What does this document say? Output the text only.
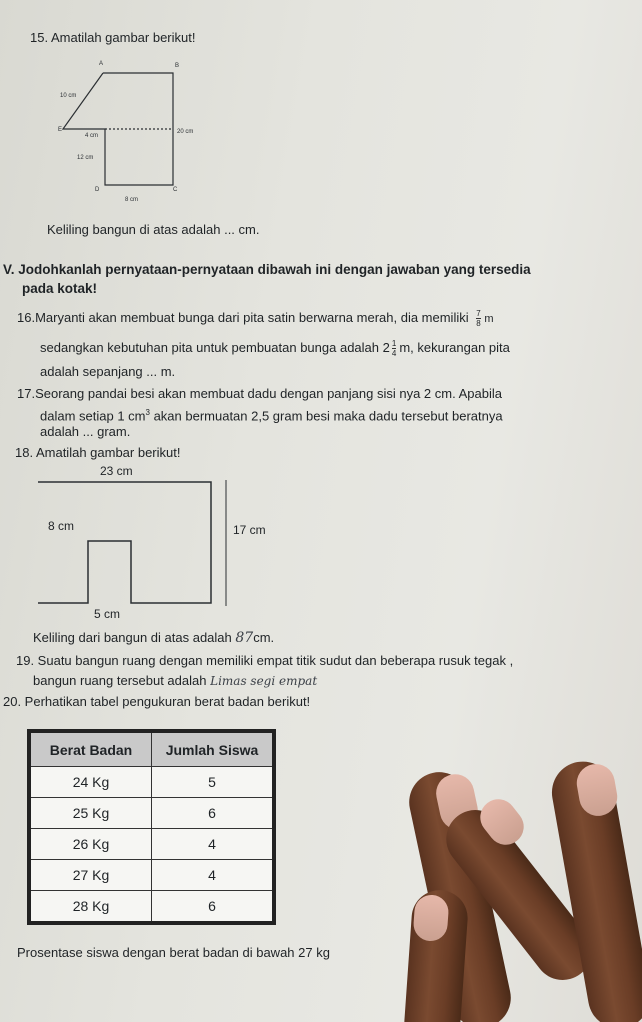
15. Amatilah gambar berikut!
A	B
E
D	C
10 cm
4 cm
12 cm
20 cm
8 cm
Keliling bangun di atas adalah ... cm.
V. Jodohkanlah pernyataan-pernyataan dibawah ini dengan jawaban yang tersedia
pada kotak!
16.Maryanti akan membuat bunga dari pita satin berwarna merah, dia memiliki $\frac{7}{8}$ m
sedangkan kebutuhan pita untuk pembuatan bunga adalah $2 \frac{1}{4} m$, kekurangan pita
adalah sepanjang ... m.
17.Seorang pandai besi akan membuat dadu dengan panjang sisi nya 2 cm. Apabila
dalam setiap 1 $cm^3$ akan bermuatan 2,5 gram besi maka dadu tersebut beratnya
adalah ... gram.
18. Amatilah gambar berikut!
23 cm
8 cm	17 cm
5 cm
Keliling dari bangun di atas adalah 87cm.
19. Suatu bangun ruang dengan memiliki empat titik sudut dan beberapa rusuk tegak ,
bangun ruang tersebut adalah Limas segi empat
20. Perhatikan tabel pengukuran berat badan berikut!
Berat Badan	Jumlah Siswa
24 Kg	5
25 Kg	6
26 Kg	4
27 Kg	4
28 Kg	6
Prosentase siswa dengan berat badan di bawah 27 kg
